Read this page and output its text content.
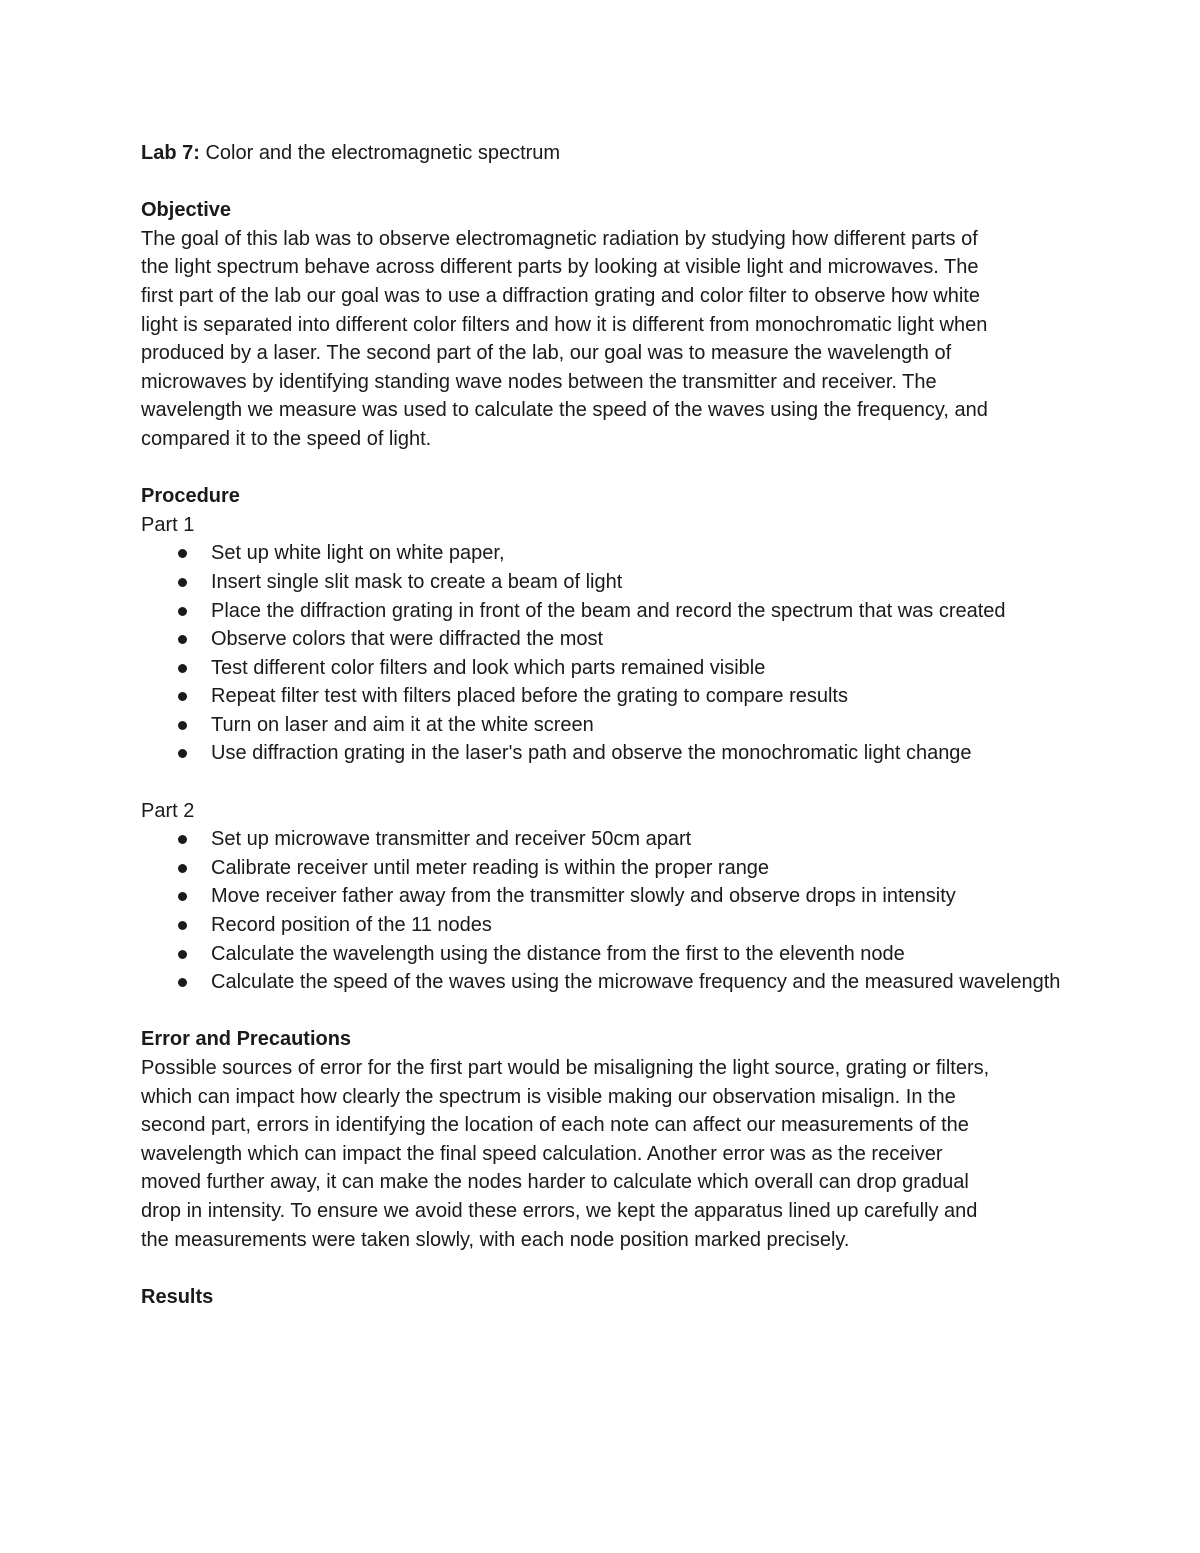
Lab 7: Color and the electromagnetic spectrum
Objective
The goal of this lab was to observe electromagnetic radiation by studying how different parts of
the light spectrum behave across different parts by looking at visible light and microwaves. The
first part of the lab our goal was to use a diffraction grating and color filter to observe how white
light is separated into different color filters and how it is different from monochromatic light when
produced by a laser. The second part of the lab, our goal was to measure the wavelength of
microwaves by identifying standing wave nodes between the transmitter and receiver. The
wavelength we measure was used to calculate the speed of the waves using the frequency, and
compared it to the speed of light.
Procedure
Part 1
Set up white light on white paper,
Insert single slit mask to create a beam of light
Place the diffraction grating in front of the beam and record the spectrum that was created
Observe colors that were diffracted the most
Test different color filters and look which parts remained visible
Repeat filter test with filters placed before the grating to compare results
Turn on laser and aim it at the white screen
Use diffraction grating in the laser's path and observe the monochromatic light change
Part 2
Set up microwave transmitter and receiver 50cm apart
Calibrate receiver until meter reading is within the proper range
Move receiver father away from the transmitter slowly and observe drops in intensity
Record position of the 11 nodes
Calculate the wavelength using the distance from the first to the eleventh node
Calculate the speed of the waves using the microwave frequency and the measured wavelength
Error and Precautions
Possible sources of error for the first part would be misaligning the light source, grating or filters,
which can impact how clearly the spectrum is visible making our observation misalign. In the
second part, errors in identifying the location of each note can affect our measurements of the
wavelength which can impact the final speed calculation. Another error was as the receiver
moved further away, it can make the nodes harder to calculate which overall can drop gradual
drop in intensity. To ensure we avoid these errors, we kept the apparatus lined up carefully and
the measurements were taken slowly, with each node position marked precisely.
Results
